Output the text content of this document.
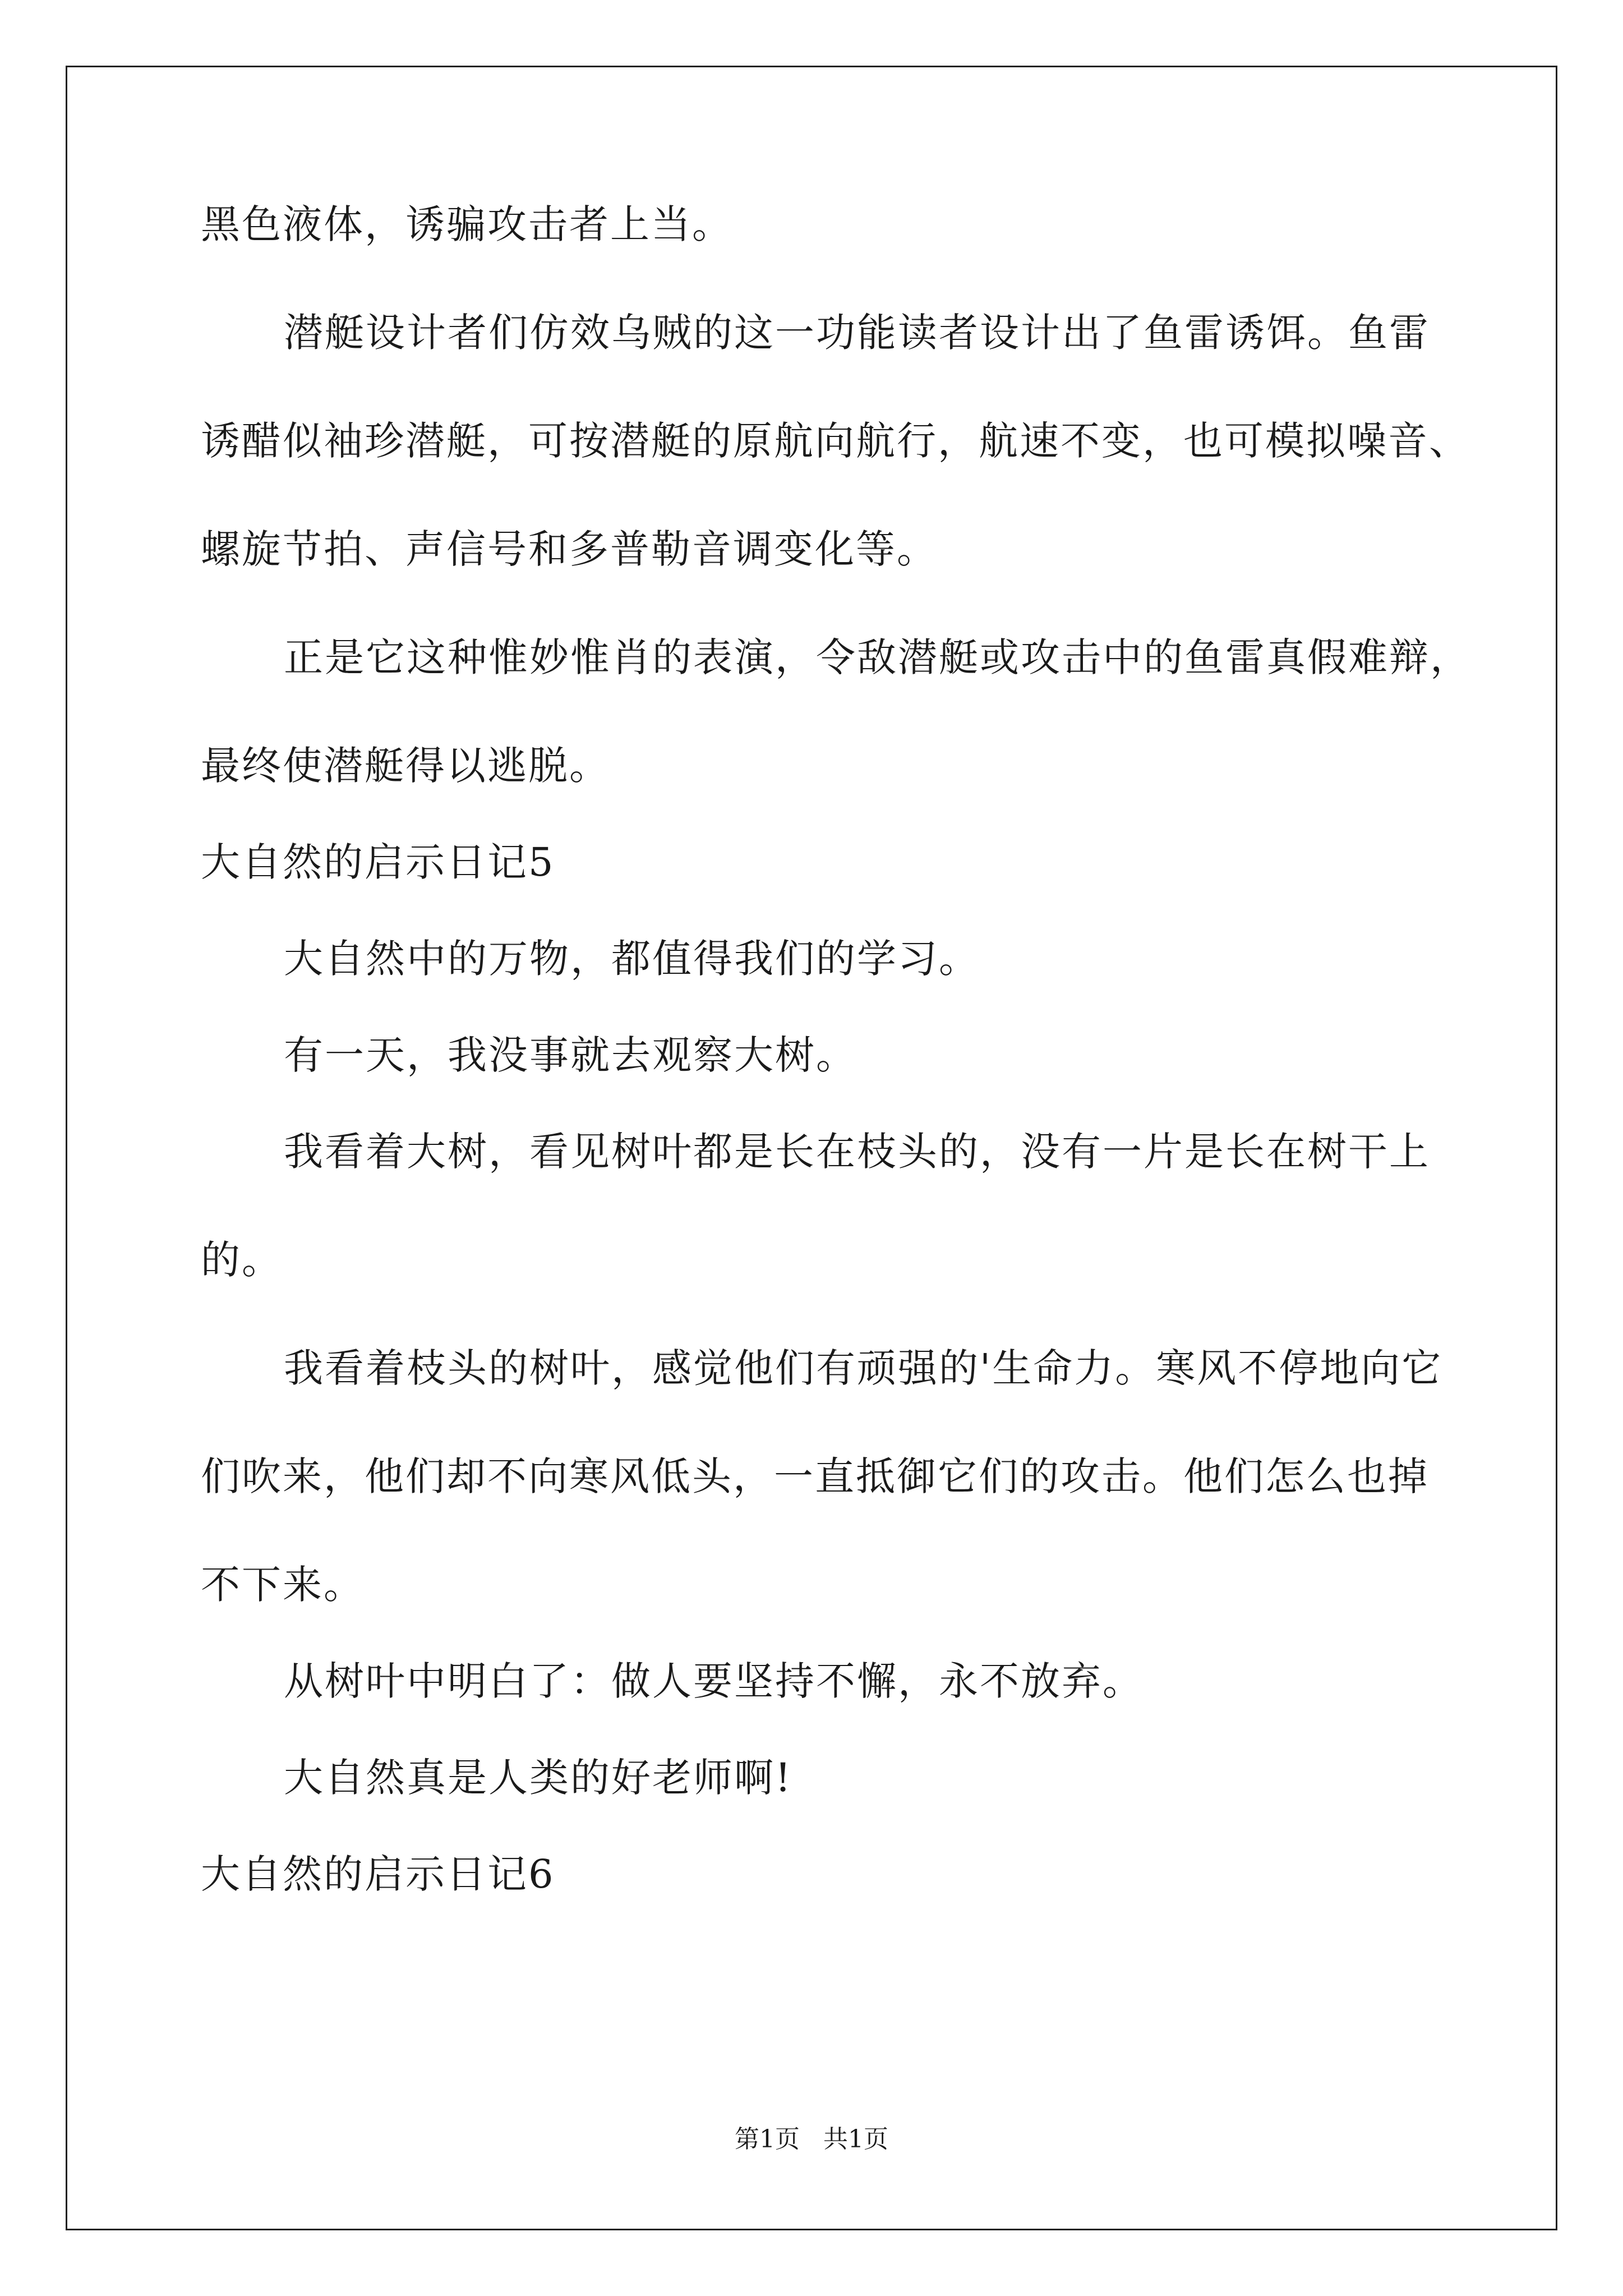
黑色液体，诱骗攻击者上当。
潜艇设计者们仿效乌贼的这一功能读者设计出了鱼雷诱饵。鱼雷
诱醋似袖珍潜艇，可按潜艇的原航向航行，航速不变，也可模拟噪音、
螺旋节拍、声信号和多普勒音调变化等。
正是它这种惟妙惟肖的表演，令敌潜艇或攻击中的鱼雷真假难辩，
最终使潜艇得以逃脱。
大自然的启示日记5
大自然中的万物，都值得我们的学习。
有一天，我没事就去观察大树。
我看着大树，看见树叶都是长在枝头的，没有一片是长在树干上
的。
我看着枝头的树叶，感觉他们有顽强的'生命力。寒风不停地向它
们吹来，他们却不向寒风低头，一直抵御它们的攻击。他们怎么也掉
不下来。
从树叶中明白了：做人要坚持不懈，永不放弃。
大自然真是人类的好老师啊!
大自然的启示日记6
第1页   共1页
